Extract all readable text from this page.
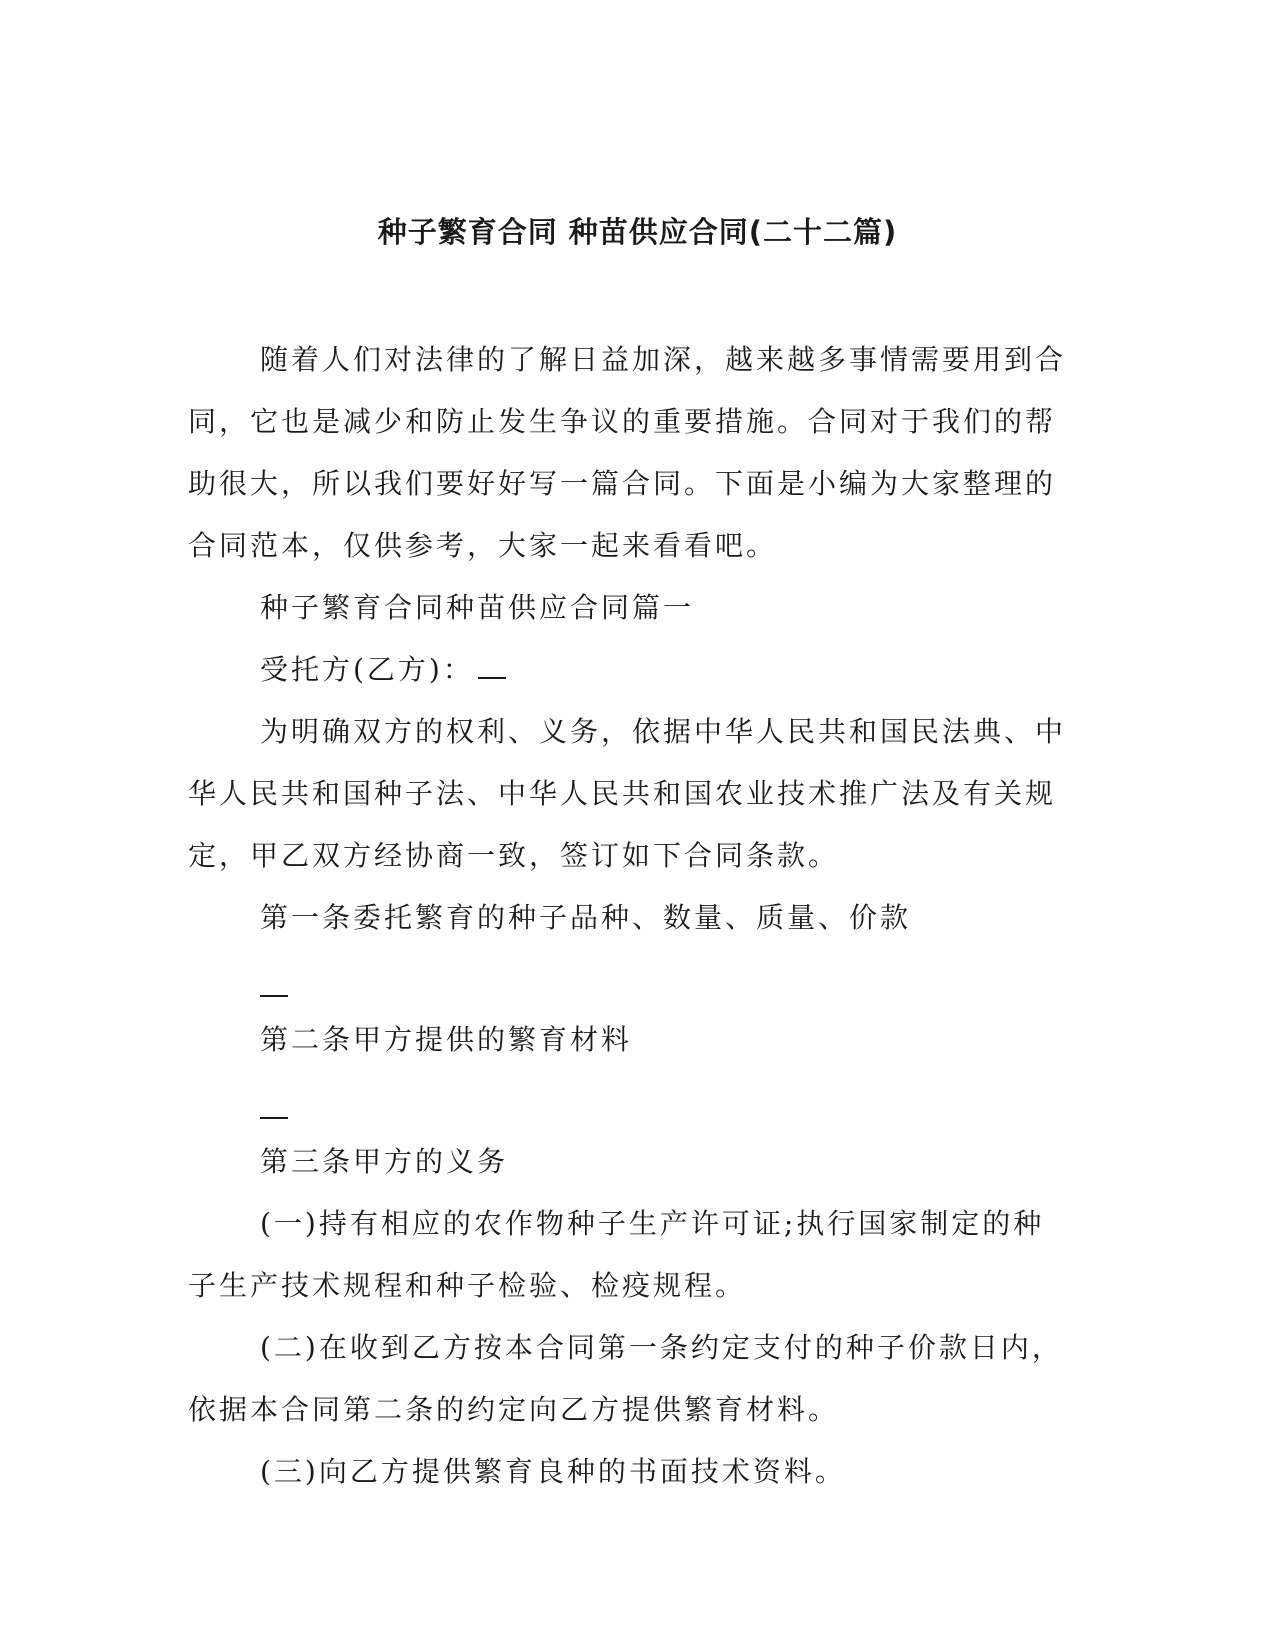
种子繁育合同 种苗供应合同(二十二篇)

随着人们对法律的了解日益加深，越来越多事情需要用到合同，它也是减少和防止发生争议的重要措施。合同对于我们的帮助很大，所以我们要好好写一篇合同。下面是小编为大家整理的合同范本，仅供参考，大家一起来看看吧。

种子繁育合同种苗供应合同篇一

受托方(乙方)：

为明确双方的权利、义务，依据中华人民共和国民法典、中华人民共和国种子法、中华人民共和国农业技术推广法及有关规定，甲乙双方经协商一致，签订如下合同条款。

第一条委托繁育的种子品种、数量、质量、价款

第二条甲方提供的繁育材料

第三条甲方的义务

(一)持有相应的农作物种子生产许可证;执行国家制定的种子生产技术规程和种子检验、检疫规程。

(二)在收到乙方按本合同第一条约定支付的种子价款日内，依据本合同第二条的约定向乙方提供繁育材料。

(三)向乙方提供繁育良种的书面技术资料。
